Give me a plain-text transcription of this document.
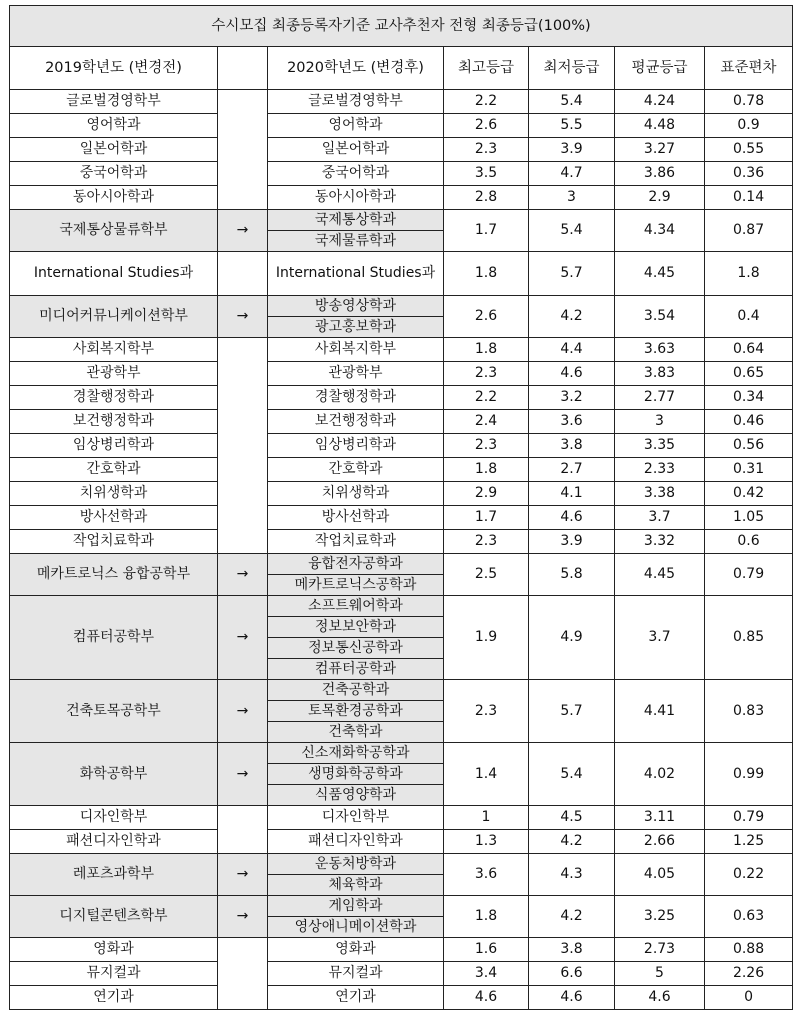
수시모집 최종등록자기준 교사추천자 전형 최종등급(100%)						
2019학년도 (변경전)		2020학년도 (변경후)	최고등급	최저등급	평균등급	표준편차
글로벌경영학부		글로벌경영학부	2.2	5.4	4.24	0.78
영어학과		영어학과	2.6	5.5	4.48	0.9
일본어학과		일본어학과	2.3	3.9	3.27	0.55
중국어학과		중국어학과	3.5	4.7	3.86	0.36
동아시아학과		동아시아학과	2.8	3	2.9	0.14
국제통상물류학부	→	국제통상학과	1.7	5.4	4.34	0.87
		국제물류학과				
International Studies과		International Studies과	1.8	5.7	4.45	1.8
미디어커뮤니케이션학부	→	방송영상학과	2.6	4.2	3.54	0.4
		광고홍보학과				
사회복지학부		사회복지학부	1.8	4.4	3.63	0.64
관광학부		관광학부	2.3	4.6	3.83	0.65
경찰행정학과		경찰행정학과	2.2	3.2	2.77	0.34
보건행정학과		보건행정학과	2.4	3.6	3	0.46
임상병리학과		임상병리학과	2.3	3.8	3.35	0.56
간호학과		간호학과	1.8	2.7	2.33	0.31
치위생학과		치위생학과	2.9	4.1	3.38	0.42
방사선학과		방사선학과	1.7	4.6	3.7	1.05
작업치료학과		작업치료학과	2.3	3.9	3.32	0.6
메카트로닉스 융합공학부	→	융합전자공학과	2.5	5.8	4.45	0.79
		메카트로닉스공학과				
컴퓨터공학부	→	소프트웨어학과	1.9	4.9	3.7	0.85
		정보보안학과				
		정보통신공학과				
		컴퓨터공학과				
건축토목공학부	→	건축공학과	2.3	5.7	4.41	0.83
		토목환경공학과				
		건축학과				
화학공학부	→	신소재화학공학과	1.4	5.4	4.02	0.99
		생명화학공학과				
		식품영양학과				
디자인학부		디자인학부	1	4.5	3.11	0.79
패션디자인학과		패션디자인학과	1.3	4.2	2.66	1.25
레포츠과학부	→	운동처방학과	3.6	4.3	4.05	0.22
		체육학과				
디지털콘텐츠학부	→	게임학과	1.8	4.2	3.25	0.63
		영상애니메이션학과				
영화과		영화과	1.6	3.8	2.73	0.88
뮤지컬과		뮤지컬과	3.4	6.6	5	2.26
연기과		연기과	4.6	4.6	4.6	0
